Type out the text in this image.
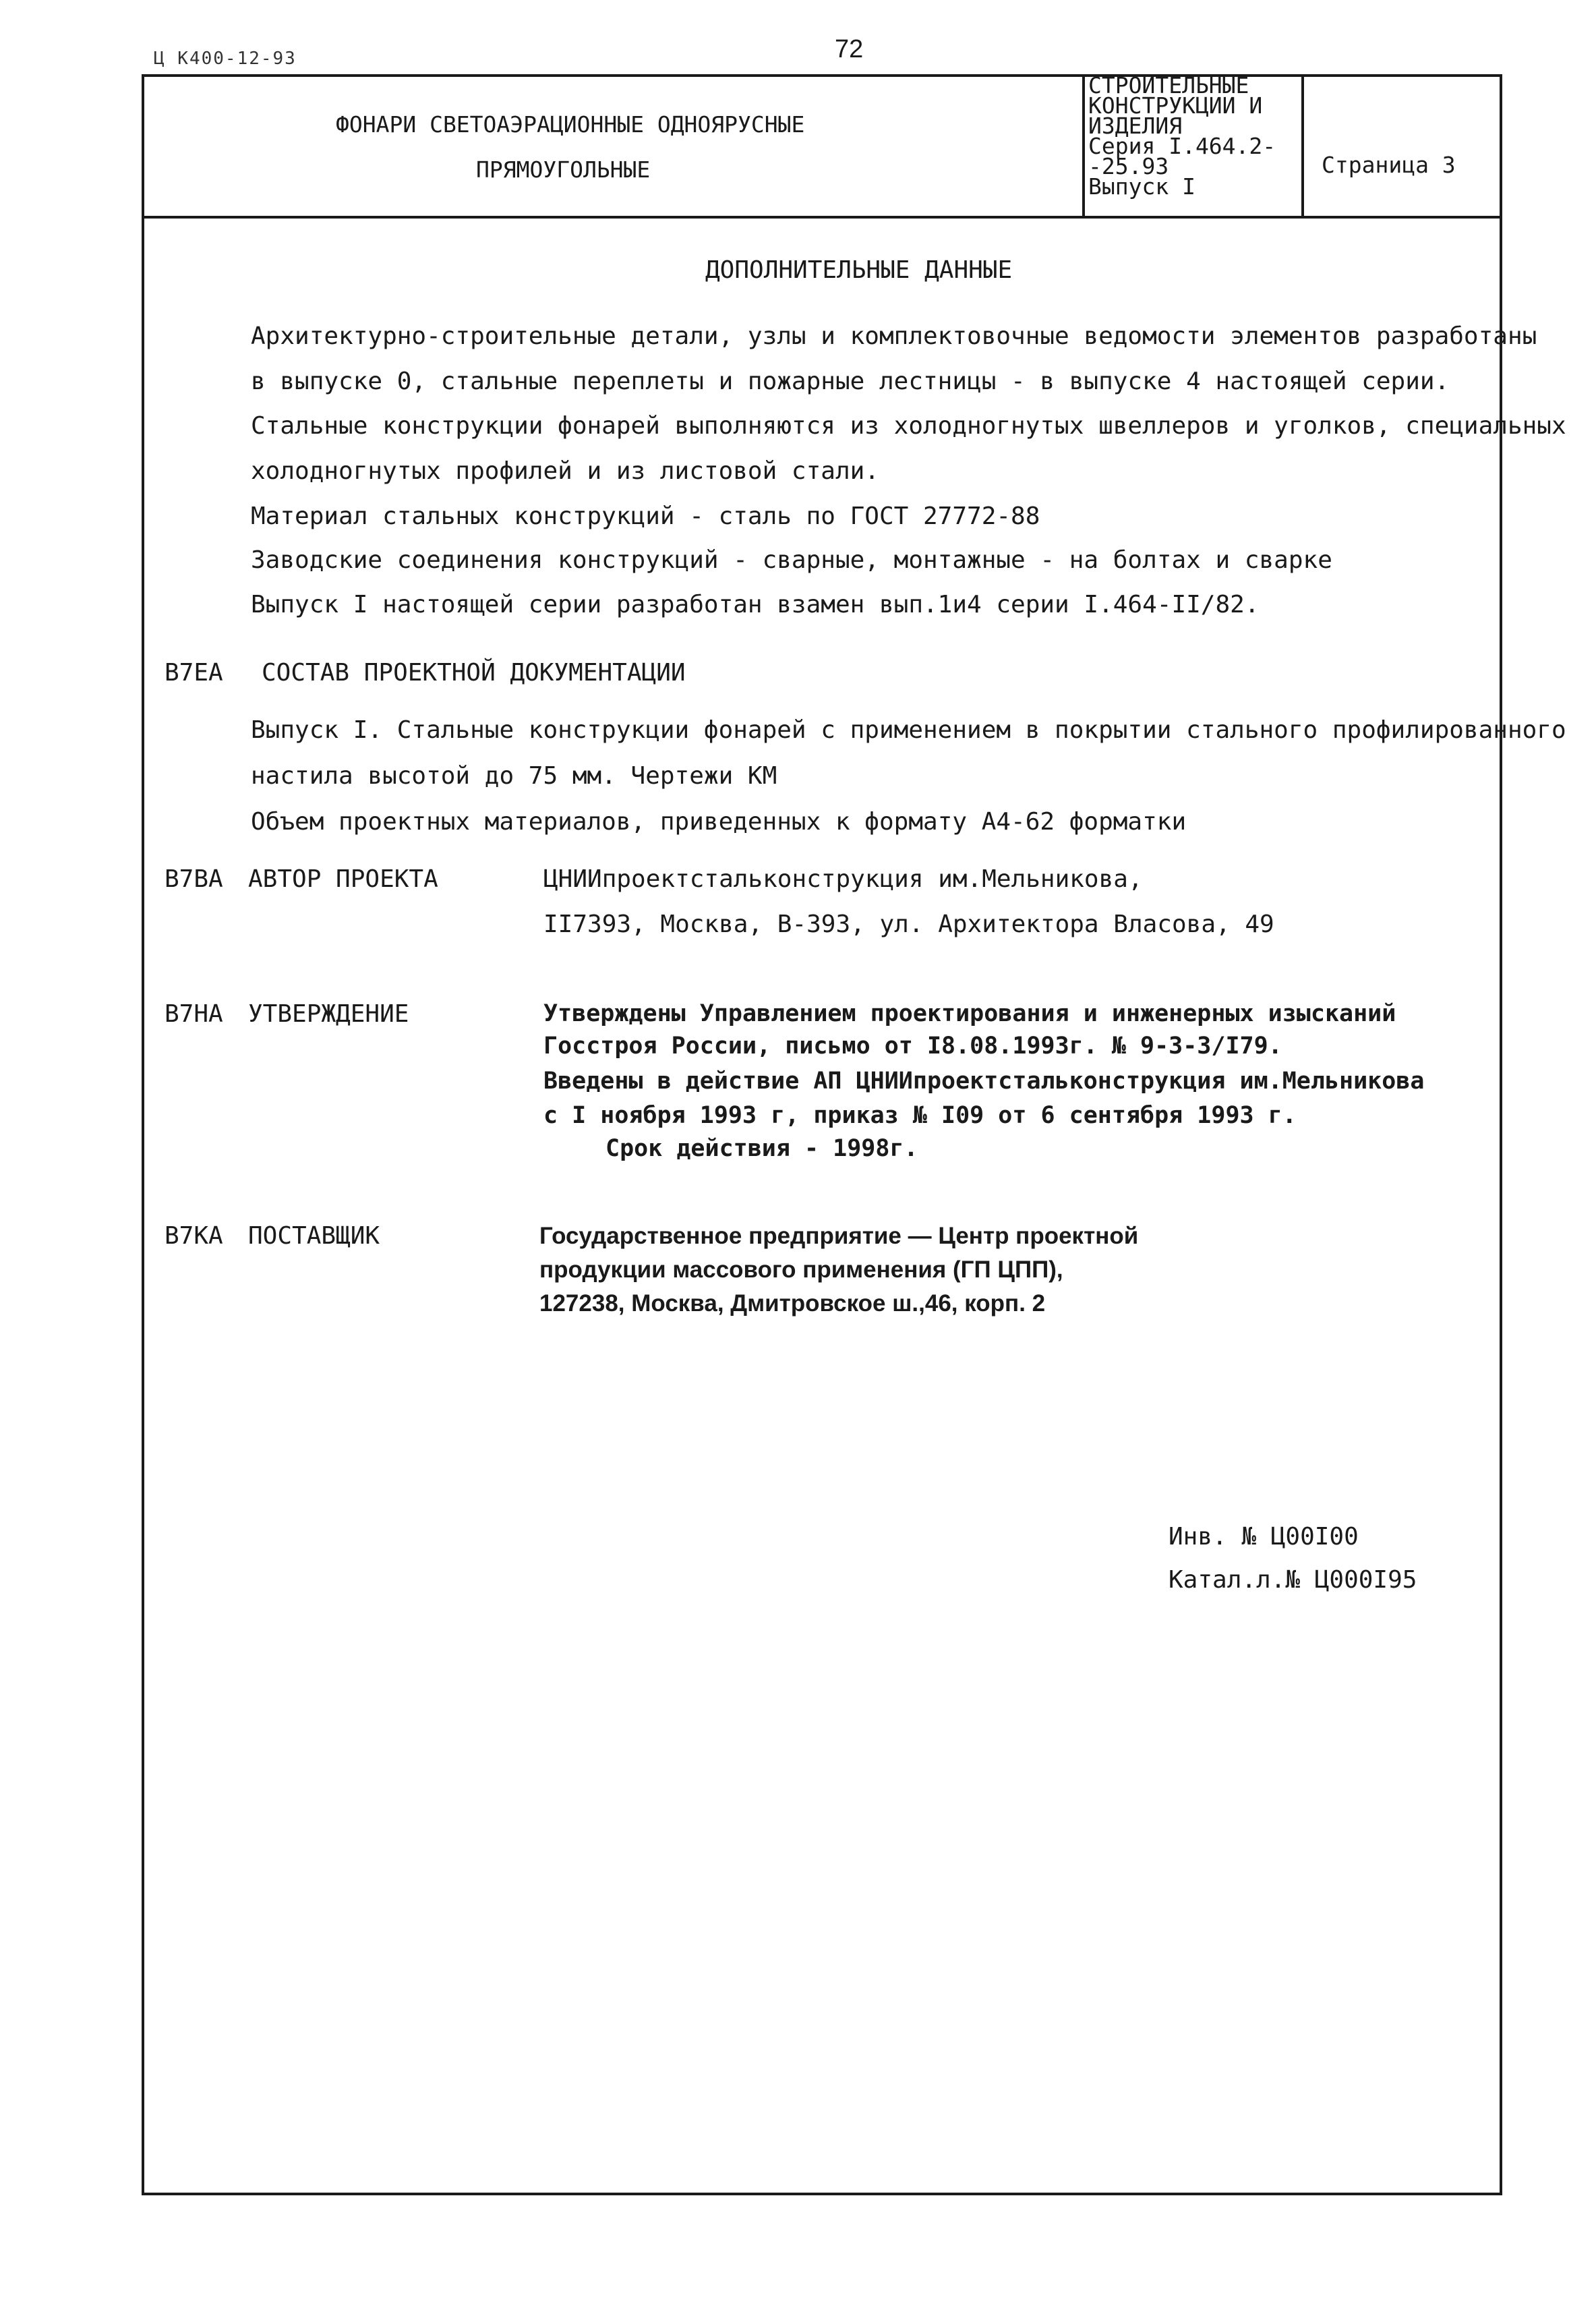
Ц К400-12-93	72
ФОНАРИ СВЕТОАЭРАЦИОННЫЕ ОДНОЯРУСНЫЕ
ПРЯМОУГОЛЬНЫЕ
СТРОИТЕЛЬНЫЕ
КОНСТРУКЦИИ И
ИЗДЕЛИЯ
Серия I.464.2-
-25.93
Выпуск I
Страница 3
ДОПОЛНИТЕЛЬНЫЕ ДАННЫЕ
Архитектурно-строительные детали, узлы и комплектовочные ведомости элементов разработаны
в выпуске 0, стальные переплеты и пожарные лестницы - в выпуске 4 настоящей серии.
Стальные конструкции фонарей выполняются из холодногнутых швеллеров и уголков, специальных
холодногнутых профилей и из листовой стали.
Материал стальных конструкций - сталь по ГОСТ 27772-88
Заводские соединения конструкций - сварные, монтажные - на болтах и сварке
Выпуск I настоящей серии разработан взамен вып.1и4 серии I.464-II/82.
B7EA СОСТАВ ПРОЕКТНОЙ ДОКУМЕНТАЦИИ
Выпуск I. Стальные конструкции фонарей с применением в покрытии стального профилированного
настила высотой до 75 мм. Чертежи КМ
Объем проектных материалов, приведенных к формату А4-62 форматки
B7BA АВТОР ПРОЕКТА	ЦНИИпроектстальконструкция им.Мельникова,
II7393, Москва, В-393, ул. Архитектора Власова, 49
B7HA УТВЕРЖДЕНИЕ	Утверждены Управлением проектирования и инженерных изысканий
Госстроя России, письмо от I8.08.1993г. № 9-3-3/I79.
Введены в действие АП ЦНИИпроектстальконструкция им.Мельникова
с I ноября 1993 г, приказ № I09 от 6 сентября 1993 г.
Срок действия - 1998г.
B7KA ПОСТАВЩИК	Государственное предприятие — Центр проектной
продукции массового применения (ГП ЦПП),
127238, Москва, Дмитровское ш.,46, корп. 2
Инв. № Ц00I00
Катал.л.№ Ц000I95
